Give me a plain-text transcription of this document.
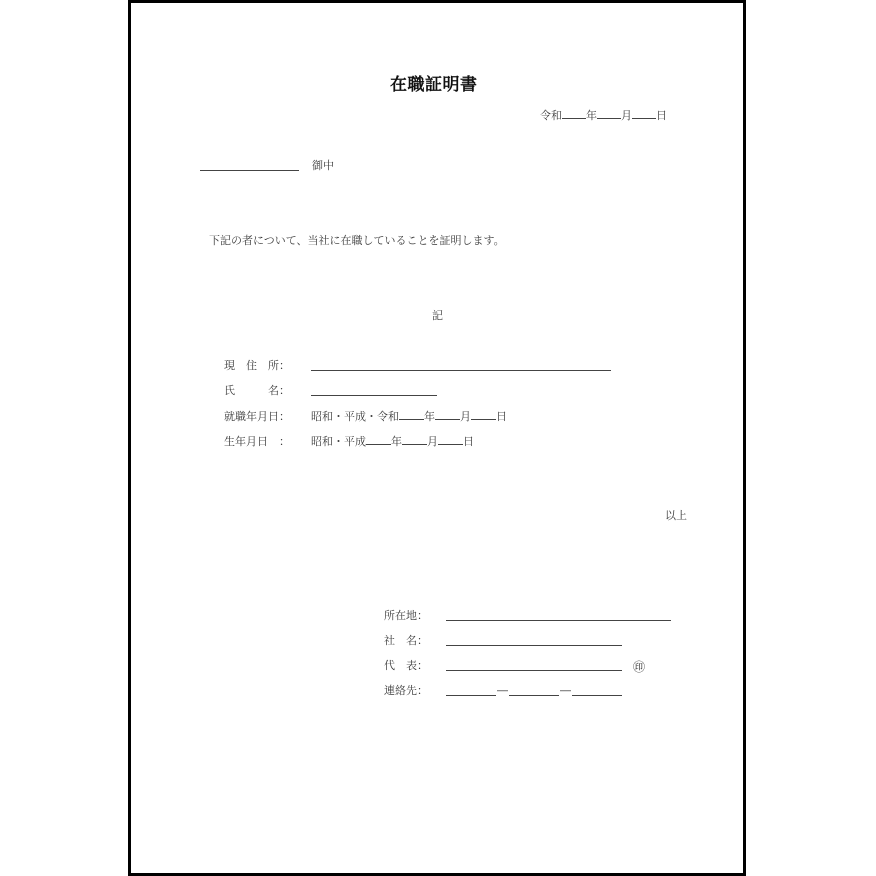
在職証明書
令和 年 月 日
御中
下記の者について、当社に在職していることを証明します。
記
現　住　所：
氏　　　名：
就職年月日： 昭和・平成・令和 年 月 日
生年月日　： 昭和・平成 年 月 日
以上
所在地：
社　名：
代　表：	㊞
連絡先：	―	―
